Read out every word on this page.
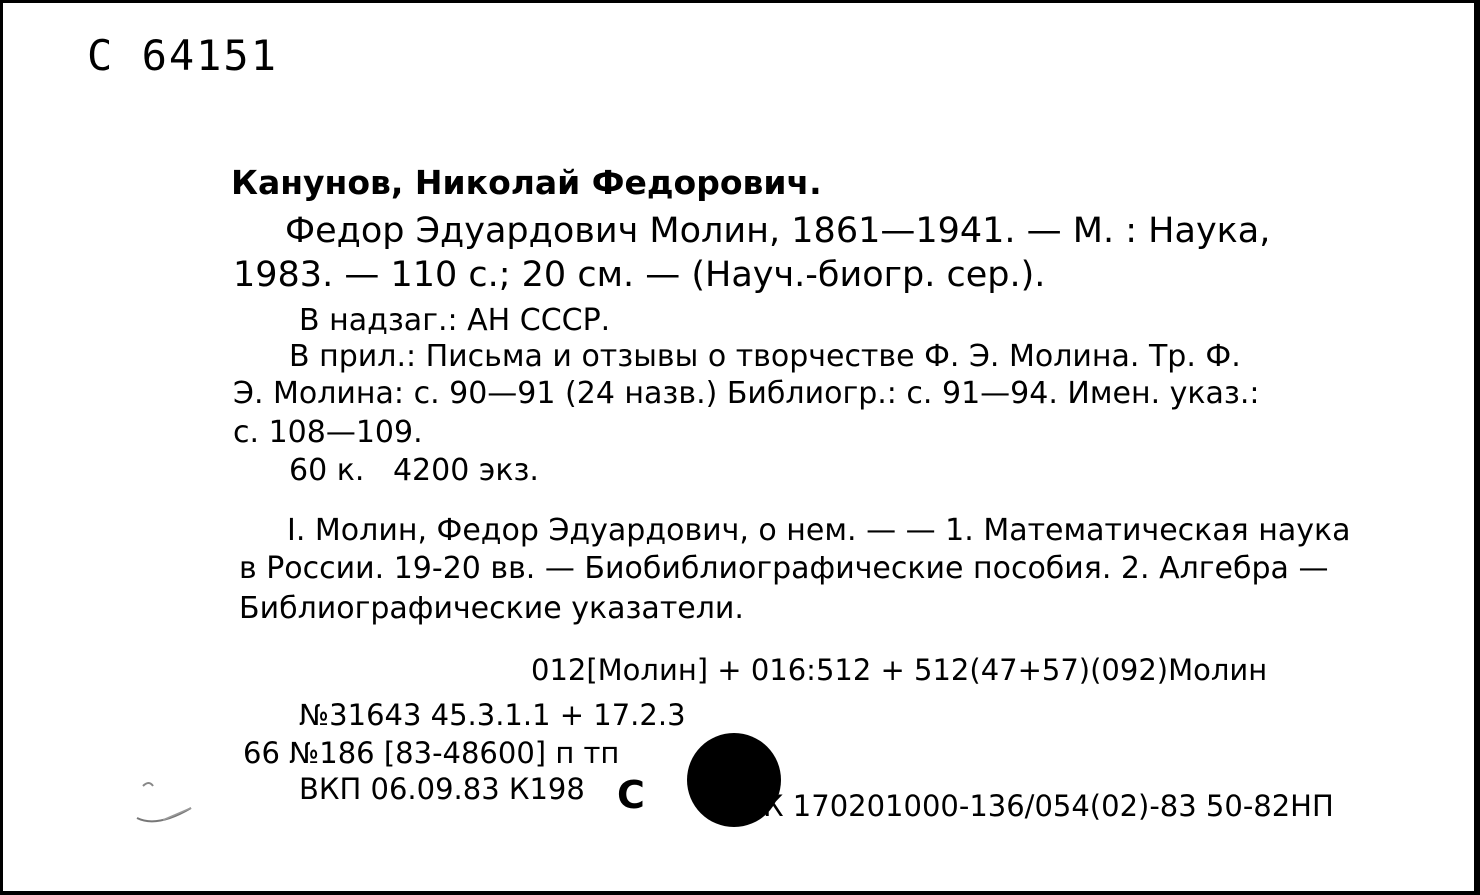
С 64151
Канунов, Николай Федорович.
Федор Эдуардович Молин, 1861—1941. — М. : Наука,
1983. — 110 с.; 20 см. — (Науч.-биогр. сер.).
В надзаг.: АН СССР.
В прил.: Письма и отзывы о творчестве Ф. Э. Молина. Тр. Ф.
Э. Молина: с. 90—91 (24 назв.) Библиогр.: с. 91—94. Имен. указ.:
с. 108—109.
60 к.   4200 экз.
I. Молин, Федор Эдуардович, о нем. — — 1. Математическая наука
в России. 19-20 вв. — Биобиблиографические пособия. 2. Алгебра —
Библиографические указатели.
012[Молин] + 016:512 + 512(47+57)(092)Молин
№31643 45.3.1.1 + 17.2.3
66 №186 [83-48600] п тп
ВКП 06.09.83 К198 С	К 170201000-136/054(02)-83 50-82НП
